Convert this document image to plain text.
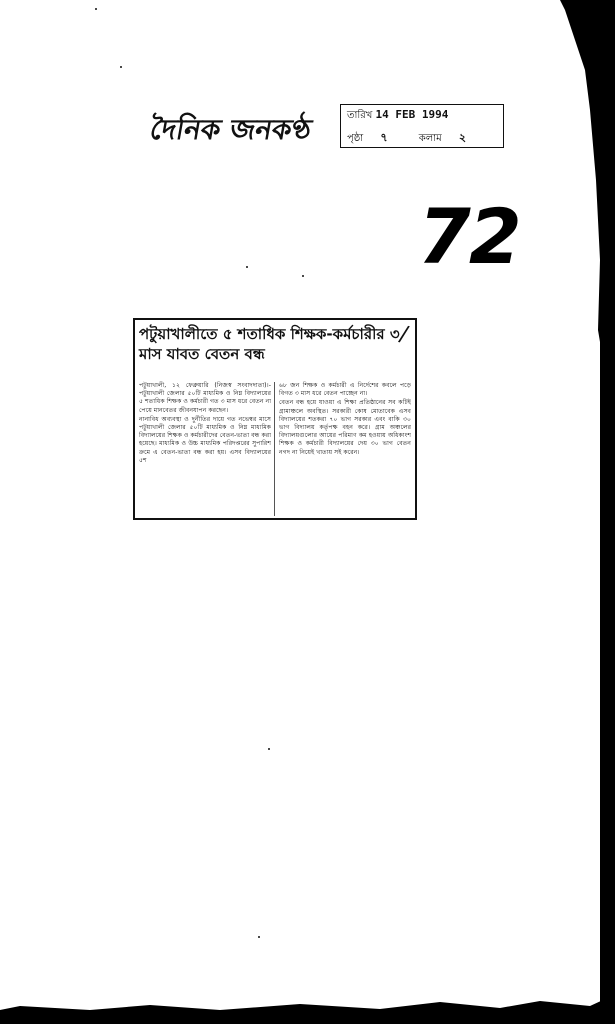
দৈনিক জনকণ্ঠ	তারিখ 14 FEB 1994
পৃষ্ঠা ৭	কলাম ২
72
পটুয়াখালীতে ৫ শতাধিক শিক্ষক-কর্মচারীর ৩ মাস যাবত বেতন বন্ধ

পটুয়াখালী, ১২ ফেব্রুয়ারি (নিজস্ব সংবাদদাতা)।- পটুয়াখালী জেলার ৫০টি মাধ্যমিক ও নিম্ন বিদ্যালয়ের ৫ শতাধিক শিক্ষক ও কর্মচারী গত ৩ মাস ধরে বেতন না পেয়ে মানবেতর জীবনযাপন করছেন।

নানাবিধ অব্যবস্থা ও দুর্নীতির দায়ে গত নভেম্বর মাসে পটুয়াখালী জেলার ৫০টি মাধ্যমিক ও নিম্ন মাধ্যমিক বিদ্যালয়ের শিক্ষক ও কর্মচারীদের বেতন-ভাতা বন্ধ করা হয়েছে। মাধ্যমিক ও উচ্চ মাধ্যমিক পরিদপ্তরের সুপারিশ ক্রমে এ বেতন-ভাতা বন্ধ করা হয়। এসব বিদ্যালয়ের ৫শ

৬৮ জন শিক্ষক ও কর্মচারী এ নির্দেশের কবলে পড়ে বিগত ৩ মাস ধরে বেতন পাচ্ছেন না।

বেতন বন্ধ হয়ে যাওয়া এ শিক্ষা প্রতিষ্ঠানের সব কটিই গ্রামাঞ্চলে অবস্থিত। সরকারী কোষ মোতাবেক এসব বিদ্যালয়ের শতকরা ৭০ ভাগ সরকার এবং বাকি ৩০ ভাগ বিদ্যালয় কর্তৃপক্ষ বহন করে। গ্রাম অঞ্চলের বিদ্যালয়গুলোর আয়ের পরিমাণ কম হওয়ায় অধিকাংশ শিক্ষক ও কর্মচারী বিদ্যালয়ের দেয় ৩০ ভাগ বেতন নগদ না নিয়েই খাতায় সই করেন।

/
